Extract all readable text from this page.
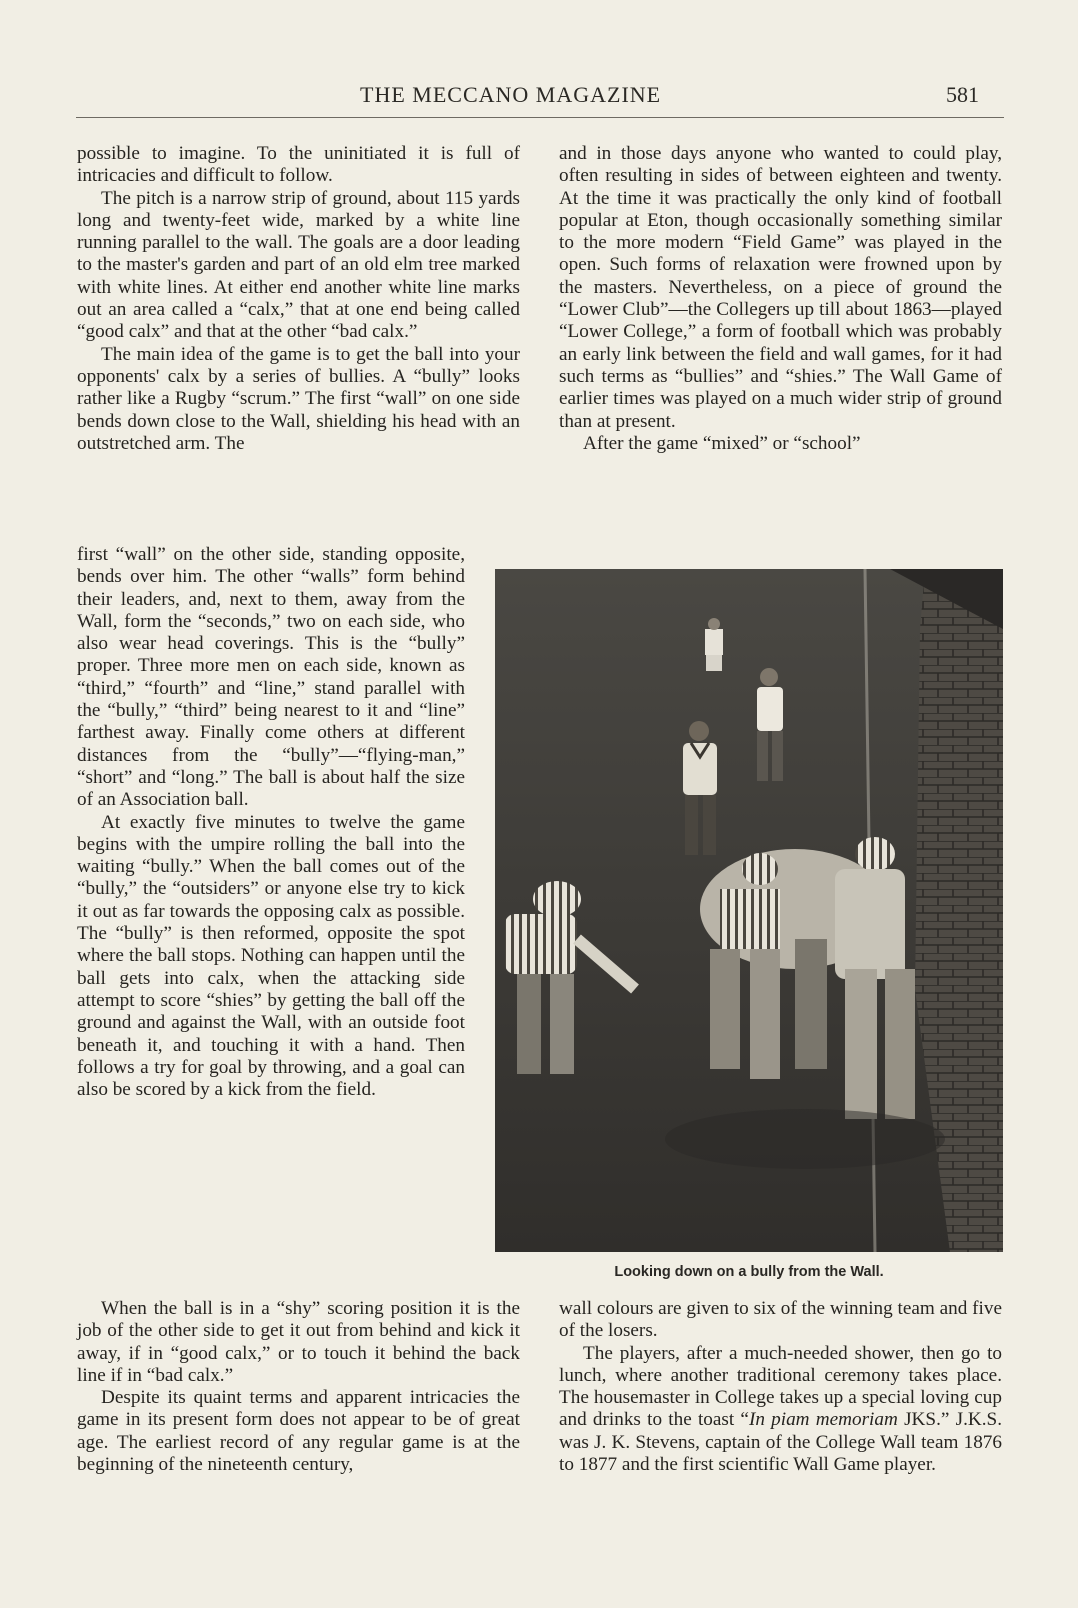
THE MECCANO MAGAZINE	581

possible to imagine. To the uninitiated it is full of intricacies and difficult to follow.

The pitch is a narrow strip of ground, about 115 yards long and twenty-feet wide, marked by a white line running parallel to the wall. The goals are a door leading to the master's garden and part of an old elm tree marked with white lines. At either end another white line marks out an area called a “calx,” that at one end being called “good calx” and that at the other “bad calx.”

The main idea of the game is to get the ball into your opponents' calx by a series of bullies. A “bully” looks rather like a Rugby “scrum.” The first “wall” on one side bends down close to the Wall, shielding his head with an outstretched arm. The

first “wall” on the other side, standing opposite, bends over him. The other “walls” form behind their leaders, and, next to them, away from the Wall, form the “seconds,” two on each side, who also wear head coverings. This is the “bully” proper. Three more men on each side, known as “third,” “fourth” and “line,” stand parallel with the “bully,” “third” being nearest to it and “line” farthest away. Finally come others at different distances from the “bully”—“flying-man,” “short” and “long.” The ball is about half the size of an Association ball.

At exactly five minutes to twelve the game begins with the umpire rolling the ball into the waiting “bully.” When the ball comes out of the “bully,” the “outsiders” or anyone else try to kick it out as far towards the opposing calx as possible. The “bully” is then reformed, opposite the spot where the ball stops. Nothing can happen until the ball gets into calx, when the attacking side attempt to score “shies” by getting the ball off the ground and against the Wall, with an outside foot beneath it, and touching it with a hand. Then follows a try for goal by throwing, and a goal can also be scored by a kick from the field.

When the ball is in a “shy” scoring position it is the job of the other side to get it out from behind and kick it away, if in “good calx,” or to touch it behind the back line if in “bad calx.”

Despite its quaint terms and apparent intricacies the game in its present form does not appear to be of great age. The earliest record of any regular game is at the beginning of the nineteenth century,

and in those days anyone who wanted to could play, often resulting in sides of between eighteen and twenty. At the time it was practically the only kind of football popular at Eton, though occasionally something similar to the more modern “Field Game” was played in the open. Such forms of relaxation were frowned upon by the masters. Nevertheless, on a piece of ground the “Lower Club”—the Collegers up till about 1863—played “Lower College,” a form of football which was probably an early link between the field and wall games, for it had such terms as “bullies” and “shies.” The Wall Game of earlier times was played on a much wider strip of ground than at present.

After the game “mixed” or “school”

Looking down on a bully from the Wall.

wall colours are given to six of the winning team and five of the losers.

The players, after a much-needed shower, then go to lunch, where another traditional ceremony takes place. The housemaster in College takes up a special loving cup and drinks to the toast “In piam memoriam JKS.” J.K.S. was J. K. Stevens, captain of the College Wall team 1876 to 1877 and the first scientific Wall Game player.
